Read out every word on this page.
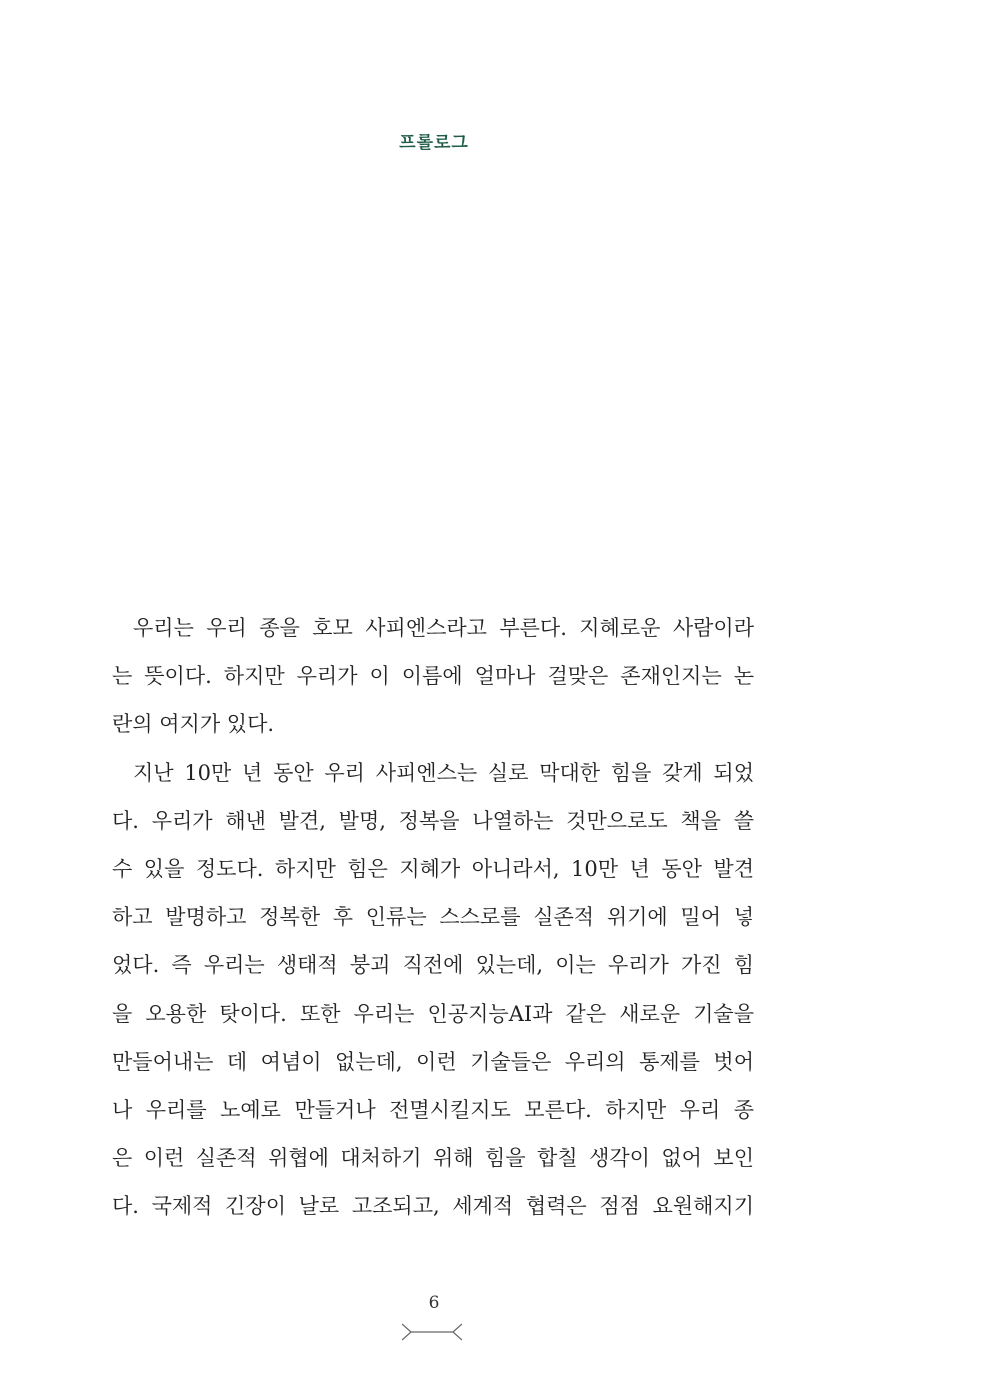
프롤로그
우리는 우리 종을 호모 사피엔스라고 부른다. 지혜로운 사람이라
는 뜻이다. 하지만 우리가 이 이름에 얼마나 걸맞은 존재인지는 논
란의 여지가 있다.
지난 10만 년 동안 우리 사피엔스는 실로 막대한 힘을 갖게 되었
다. 우리가 해낸 발견, 발명, 정복을 나열하는 것만으로도 책을 쓸
수 있을 정도다. 하지만 힘은 지혜가 아니라서, 10만 년 동안 발견
하고 발명하고 정복한 후 인류는 스스로를 실존적 위기에 밀어 넣
었다. 즉 우리는 생태적 붕괴 직전에 있는데, 이는 우리가 가진 힘
을 오용한 탓이다. 또한 우리는 인공지능AI과 같은 새로운 기술을
만들어내는 데 여념이 없는데, 이런 기술들은 우리의 통제를 벗어
나 우리를 노예로 만들거나 전멸시킬지도 모른다. 하지만 우리 종
은 이런 실존적 위협에 대처하기 위해 힘을 합칠 생각이 없어 보인
다. 국제적 긴장이 날로 고조되고, 세계적 협력은 점점 요원해지기
6
